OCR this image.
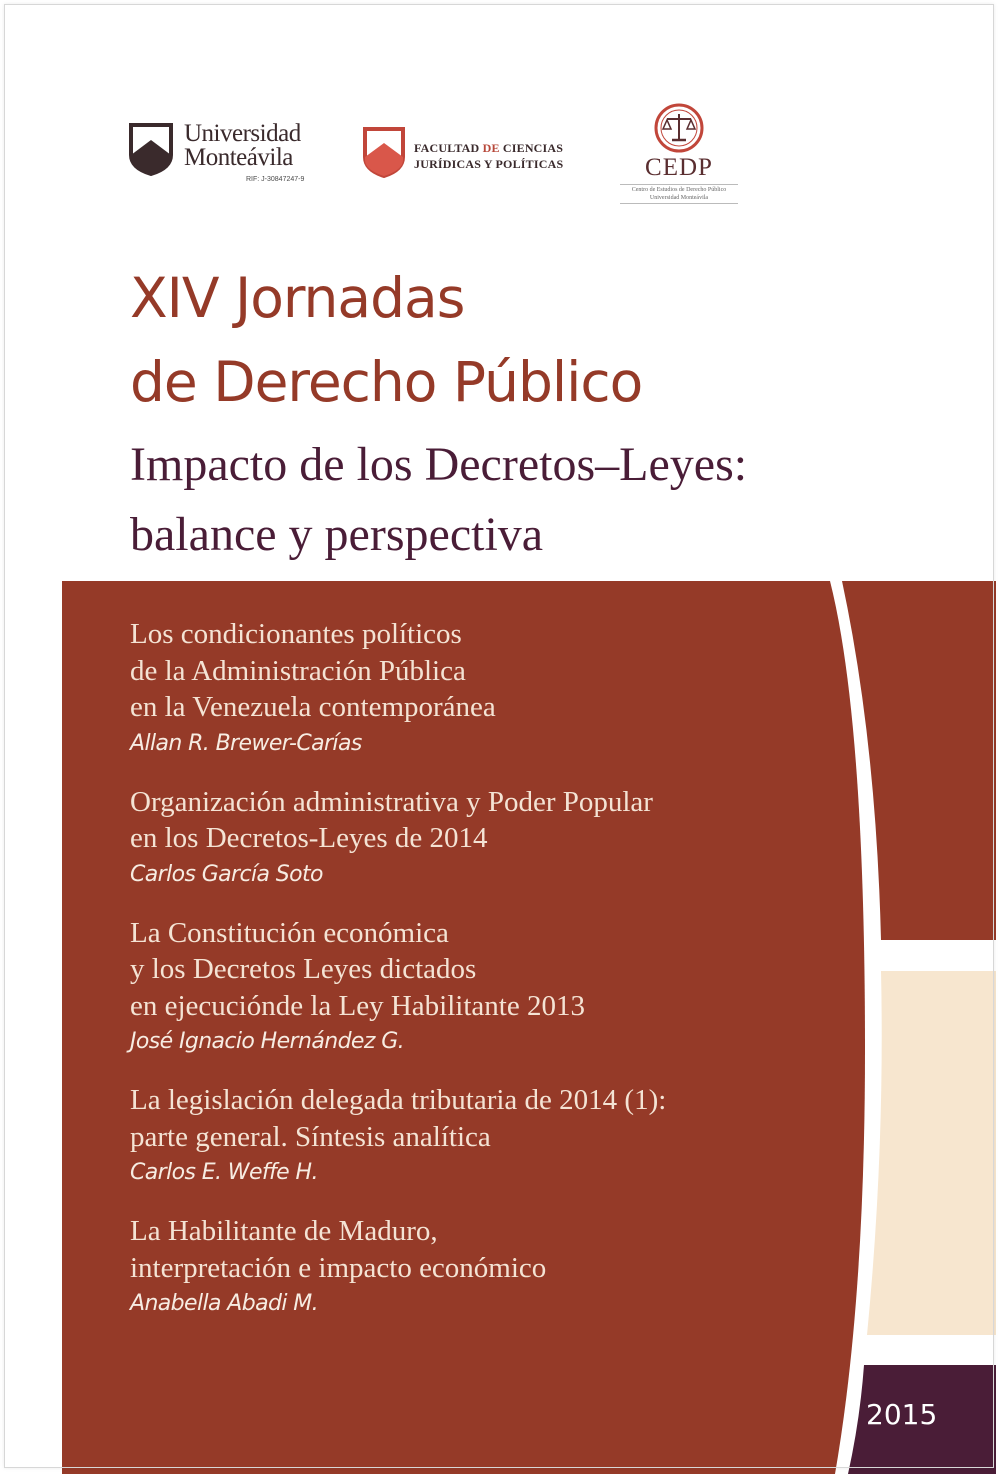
Universidad
Monteávila
RIF: J-30847247-9
FACULTAD DE CIENCIAS
JURÍDICAS Y POLÍTICAS	CEDP
Centro de Estudios de Derecho Público
Universidad Monteávila
XIV Jornadas
de Derecho Público
Impacto de los Decretos–Leyes:
balance y perspectiva
Los condicionantes políticos
de la Administración Pública
en la Venezuela contemporánea
Allan R. Brewer-Carías
Organización administrativa y Poder Popular
en los Decretos-Leyes de 2014
Carlos García Soto
La Constitución económica
y los Decretos Leyes dictados
en ejecuciónde la Ley Habilitante 2013
José Ignacio Hernández G.
La legislación delegada tributaria de 2014 (1):
parte general. Síntesis analítica
Carlos E. Weffe H.
La Habilitante de Maduro,
interpretación e impacto económico
Anabella Abadi M.
2015
